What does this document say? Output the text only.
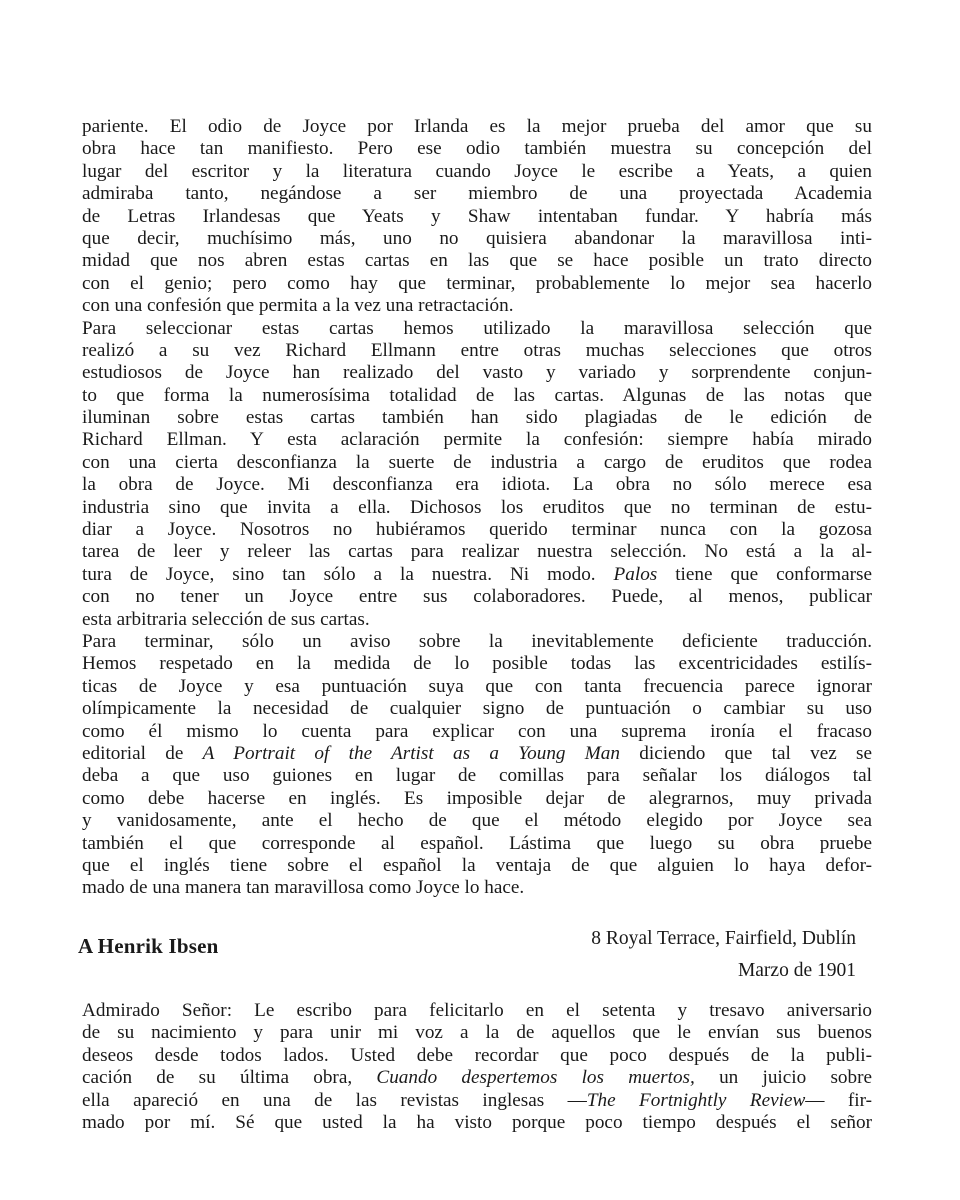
pariente. El odio de Joyce por Irlanda es la mejor prueba del amor que su
obra hace tan manifiesto. Pero ese odio también muestra su concepción del
lugar del escritor y la literatura cuando Joyce le escribe a Yeats, a quien
admiraba tanto, negándose a ser miembro de una proyectada Academia
de Letras Irlandesas que Yeats y Shaw intentaban fundar. Y habría más
que decir, muchísimo más, uno no quisiera abandonar la maravillosa inti-
midad que nos abren estas cartas en las que se hace posible un trato directo
con el genio; pero como hay que terminar, probablemente lo mejor sea hacerlo
con una confesión que permita a la vez una retractación.
Para seleccionar estas cartas hemos utilizado la maravillosa selección que
realizó a su vez Richard Ellmann entre otras muchas selecciones que otros
estudiosos de Joyce han realizado del vasto y variado y sorprendente conjun-
to que forma la numerosísima totalidad de las cartas. Algunas de las notas que
iluminan sobre estas cartas también han sido plagiadas de le edición de
Richard Ellman. Y esta aclaración permite la confesión: siempre había mirado
con una cierta desconfianza la suerte de industria a cargo de eruditos que rodea
la obra de Joyce. Mi desconfianza era idiota. La obra no sólo merece esa
industria sino que invita a ella. Dichosos los eruditos que no terminan de estu-
diar a Joyce. Nosotros no hubiéramos querido terminar nunca con la gozosa
tarea de leer y releer las cartas para realizar nuestra selección. No está a la al-
tura de Joyce, sino tan sólo a la nuestra. Ni modo. Palos tiene que conformarse
con no tener un Joyce entre sus colaboradores. Puede, al menos, publicar
esta arbitraria selección de sus cartas.
Para terminar, sólo un aviso sobre la inevitablemente deficiente traducción.
Hemos respetado en la medida de lo posible todas las excentricidades estilís-
ticas de Joyce y esa puntuación suya que con tanta frecuencia parece ignorar
olímpicamente la necesidad de cualquier signo de puntuación o cambiar su uso
como él mismo lo cuenta para explicar con una suprema ironía el fracaso
editorial de A Portrait of the Artist as a Young Man diciendo que tal vez se
deba a que uso guiones en lugar de comillas para señalar los diálogos tal
como debe hacerse en inglés. Es imposible dejar de alegrarnos, muy privada
y vanidosamente, ante el hecho de que el método elegido por Joyce sea
también el que corresponde al español. Lástima que luego su obra pruebe
que el inglés tiene sobre el español la ventaja de que alguien lo haya defor-
mado de una manera tan maravillosa como Joyce lo hace.
A Henrik Ibsen	8 Royal Terrace, Fairfield, Dublín
Marzo de 1901
Admirado Señor: Le escribo para felicitarlo en el setenta y tresavo aniversario
de su nacimiento y para unir mi voz a la de aquellos que le envían sus buenos
deseos desde todos lados. Usted debe recordar que poco después de la publi-
cación de su última obra, Cuando despertemos los muertos, un juicio sobre
ella apareció en una de las revistas inglesas —The Fortnightly Review— fir-
mado por mí. Sé que usted la ha visto porque poco tiempo después el señor
